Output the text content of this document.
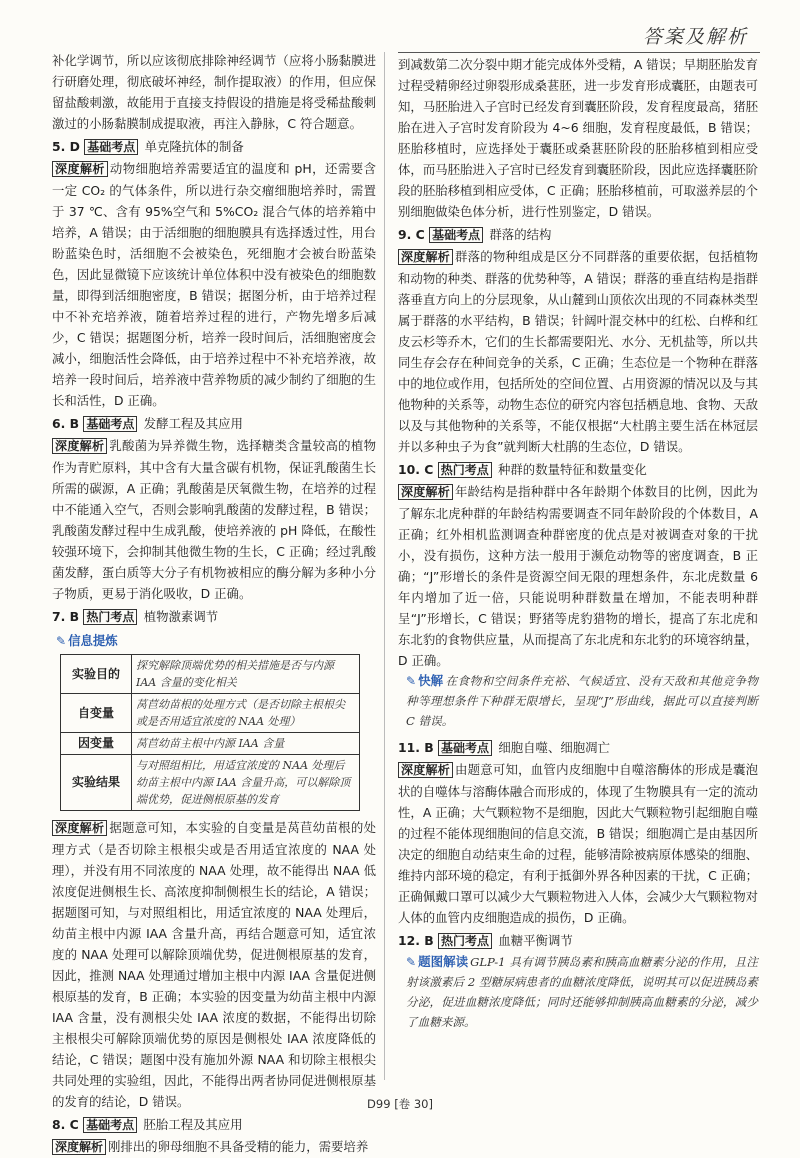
答案及解析

补化学调节，所以应该彻底排除神经调节（应将小肠黏膜进行研磨处理，彻底破坏神经，制作提取液）的作用，但应保留盐酸刺激，故能用于直接支持假设的措施是将受稀盐酸刺激过的小肠黏膜制成提取液，再注入静脉，C 符合题意。

5. D 基础考点 单克隆抗体的制备

深度解析 动物细胞培养需要适宜的温度和 pH，还需要含一定 CO₂ 的气体条件，所以进行杂交瘤细胞培养时，需置于 37 ℃、含有 95%空气和 5%CO₂ 混合气体的培养箱中培养，A 错误；由于活细胞的细胞膜具有选择透过性，用台盼蓝染色时，活细胞不会被染色，死细胞才会被台盼蓝染色，因此显微镜下应该统计单位体积中没有被染色的细胞数量，即得到活细胞密度，B 错误；据图分析，由于培养过程中不补充培养液，随着培养过程的进行，产物先增多后减少，C 错误；据题图分析，培养一段时间后，活细胞密度会减小，细胞活性会降低，由于培养过程中不补充培养液，故培养一段时间后，培养液中营养物质的减少制约了细胞的生长和活性，D 正确。

6. B 基础考点 发酵工程及其应用

深度解析 乳酸菌为异养微生物，选择糖类含量较高的植物作为青贮原料，其中含有大量含碳有机物，保证乳酸菌生长所需的碳源，A 正确；乳酸菌是厌氧微生物，在培养的过程中不能通入空气，否则会影响乳酸菌的发酵过程，B 错误；乳酸菌发酵过程中生成乳酸，使培养液的 pH 降低，在酸性较强环境下，会抑制其他微生物的生长，C 正确；经过乳酸菌发酵，蛋白质等大分子有机物被相应的酶分解为多种小分子物质，更易于消化吸收，D 正确。

7. B 热门考点 植物激素调节
✎ 信息提炼
实验目的	探究解除顶端优势的相关措施是否与内源 IAA 含量的变化相关
自变量	莴苣幼苗根的处理方式（是否切除主根根尖或是否用适宜浓度的 NAA 处理）
因变量	莴苣幼苗主根中内源 IAA 含量
实验结果	与对照组相比，用适宜浓度的 NAA 处理后幼苗主根中内源 IAA 含量升高，可以解除顶端优势，促进侧根原基的发育

深度解析 据题意可知，本实验的自变量是莴苣幼苗根的处理方式（是否切除主根根尖或是否用适宜浓度的 NAA 处理），并没有用不同浓度的 NAA 处理，故不能得出 NAA 低浓度促进侧根生长、高浓度抑制侧根生长的结论，A 错误；据题图可知，与对照组相比，用适宜浓度的 NAA 处理后，幼苗主根中内源 IAA 含量升高，再结合题意可知，适宜浓度的 NAA 处理可以解除顶端优势，促进侧根原基的发育，因此，推测 NAA 处理通过增加主根中内源 IAA 含量促进侧根原基的发育，B 正确；本实验的因变量为幼苗主根中内源 IAA 含量，没有测根尖处 IAA 浓度的数据，不能得出切除主根根尖可解除顶端优势的原因是侧根处 IAA 浓度降低的结论，C 错误；题图中没有施加外源 NAA 和切除主根根尖共同处理的实验组，因此，不能得出两者协同促进侧根原基的发育的结论，D 错误。

8. C 基础考点 胚胎工程及其应用

深度解析 刚排出的卵母细胞不具备受精的能力，需要培养

到减数第二次分裂中期才能完成体外受精，A 错误；早期胚胎发育过程受精卵经过卵裂形成桑葚胚，进一步发育形成囊胚，由题表可知，马胚胎进入子宫时已经发育到囊胚阶段，发育程度最高，猪胚胎在进入子宫时发育阶段为 4~6 细胞，发育程度最低，B 错误；胚胎移植时，应选择处于囊胚或桑葚胚阶段的胚胎移植到相应受体，而马胚胎进入子宫时已经发育到囊胚阶段，因此应选择囊胚阶段的胚胎移植到相应受体，C 正确；胚胎移植前，可取滋养层的个别细胞做染色体分析，进行性别鉴定，D 错误。

9. C 基础考点 群落的结构

深度解析 群落的物种组成是区分不同群落的重要依据，包括植物和动物的种类、群落的优势种等，A 错误；群落的垂直结构是指群落垂直方向上的分层现象，从山麓到山顶依次出现的不同森林类型属于群落的水平结构，B 错误；针阔叶混交林中的红松、白桦和红皮云杉等乔木，它们的生长都需要阳光、水分、无机盐等，所以共同生存会存在种间竞争的关系，C 正确；生态位是一个物种在群落中的地位或作用，包括所处的空间位置、占用资源的情况以及与其他物种的关系等，动物生态位的研究内容包括栖息地、食物、天敌以及与其他物种的关系等，不能仅根据“大杜鹃主要生活在林冠层并以多种虫子为食”就判断大杜鹃的生态位，D 错误。

10. C 热门考点 种群的数量特征和数量变化

深度解析 年龄结构是指种群中各年龄期个体数目的比例，因此为了解东北虎种群的年龄结构需要调查不同年龄阶段的个体数目，A 正确；红外相机监测调查种群密度的优点是对被调查对象的干扰小，没有损伤，这种方法一般用于濒危动物等的密度调查，B 正确；“J”形增长的条件是资源空间无限的理想条件，东北虎数量 6 年内增加了近一倍，只能说明种群数量在增加，不能表明种群呈“J”形增长，C 错误；野猪等虎豹猎物的增长，提高了东北虎和东北豹的食物供应量，从而提高了东北虎和东北豹的环境容纳量，D 正确。

✎ 快解 在食物和空间条件充裕、气候适宜、没有天敌和其他竞争物种等理想条件下种群无限增长，呈现“J”形曲线，据此可以直接判断 C 错误。

11. B 基础考点 细胞自噬、细胞凋亡

深度解析 由题意可知，血管内皮细胞中自噬溶酶体的形成是囊泡状的自噬体与溶酶体融合而形成的，体现了生物膜具有一定的流动性，A 正确；大气颗粒物不是细胞，因此大气颗粒物引起细胞自噬的过程不能体现细胞间的信息交流，B 错误；细胞凋亡是由基因所决定的细胞自动结束生命的过程，能够清除被病原体感染的细胞、维持内部环境的稳定，有利于抵御外界各种因素的干扰，C 正确；正确佩戴口罩可以减少大气颗粒物进入人体，会减少大气颗粒物对人体的血管内皮细胞造成的损伤，D 正确。

12. B 热门考点 血糖平衡调节

✎ 题图解读 GLP-1 具有调节胰岛素和胰高血糖素分泌的作用，且注射该激素后 2 型糖尿病患者的血糖浓度降低，说明其可以促进胰岛素分泌，促进血糖浓度降低；同时还能够抑制胰高血糖素的分泌，减少了血糖来源。

D99 [卷 30]
